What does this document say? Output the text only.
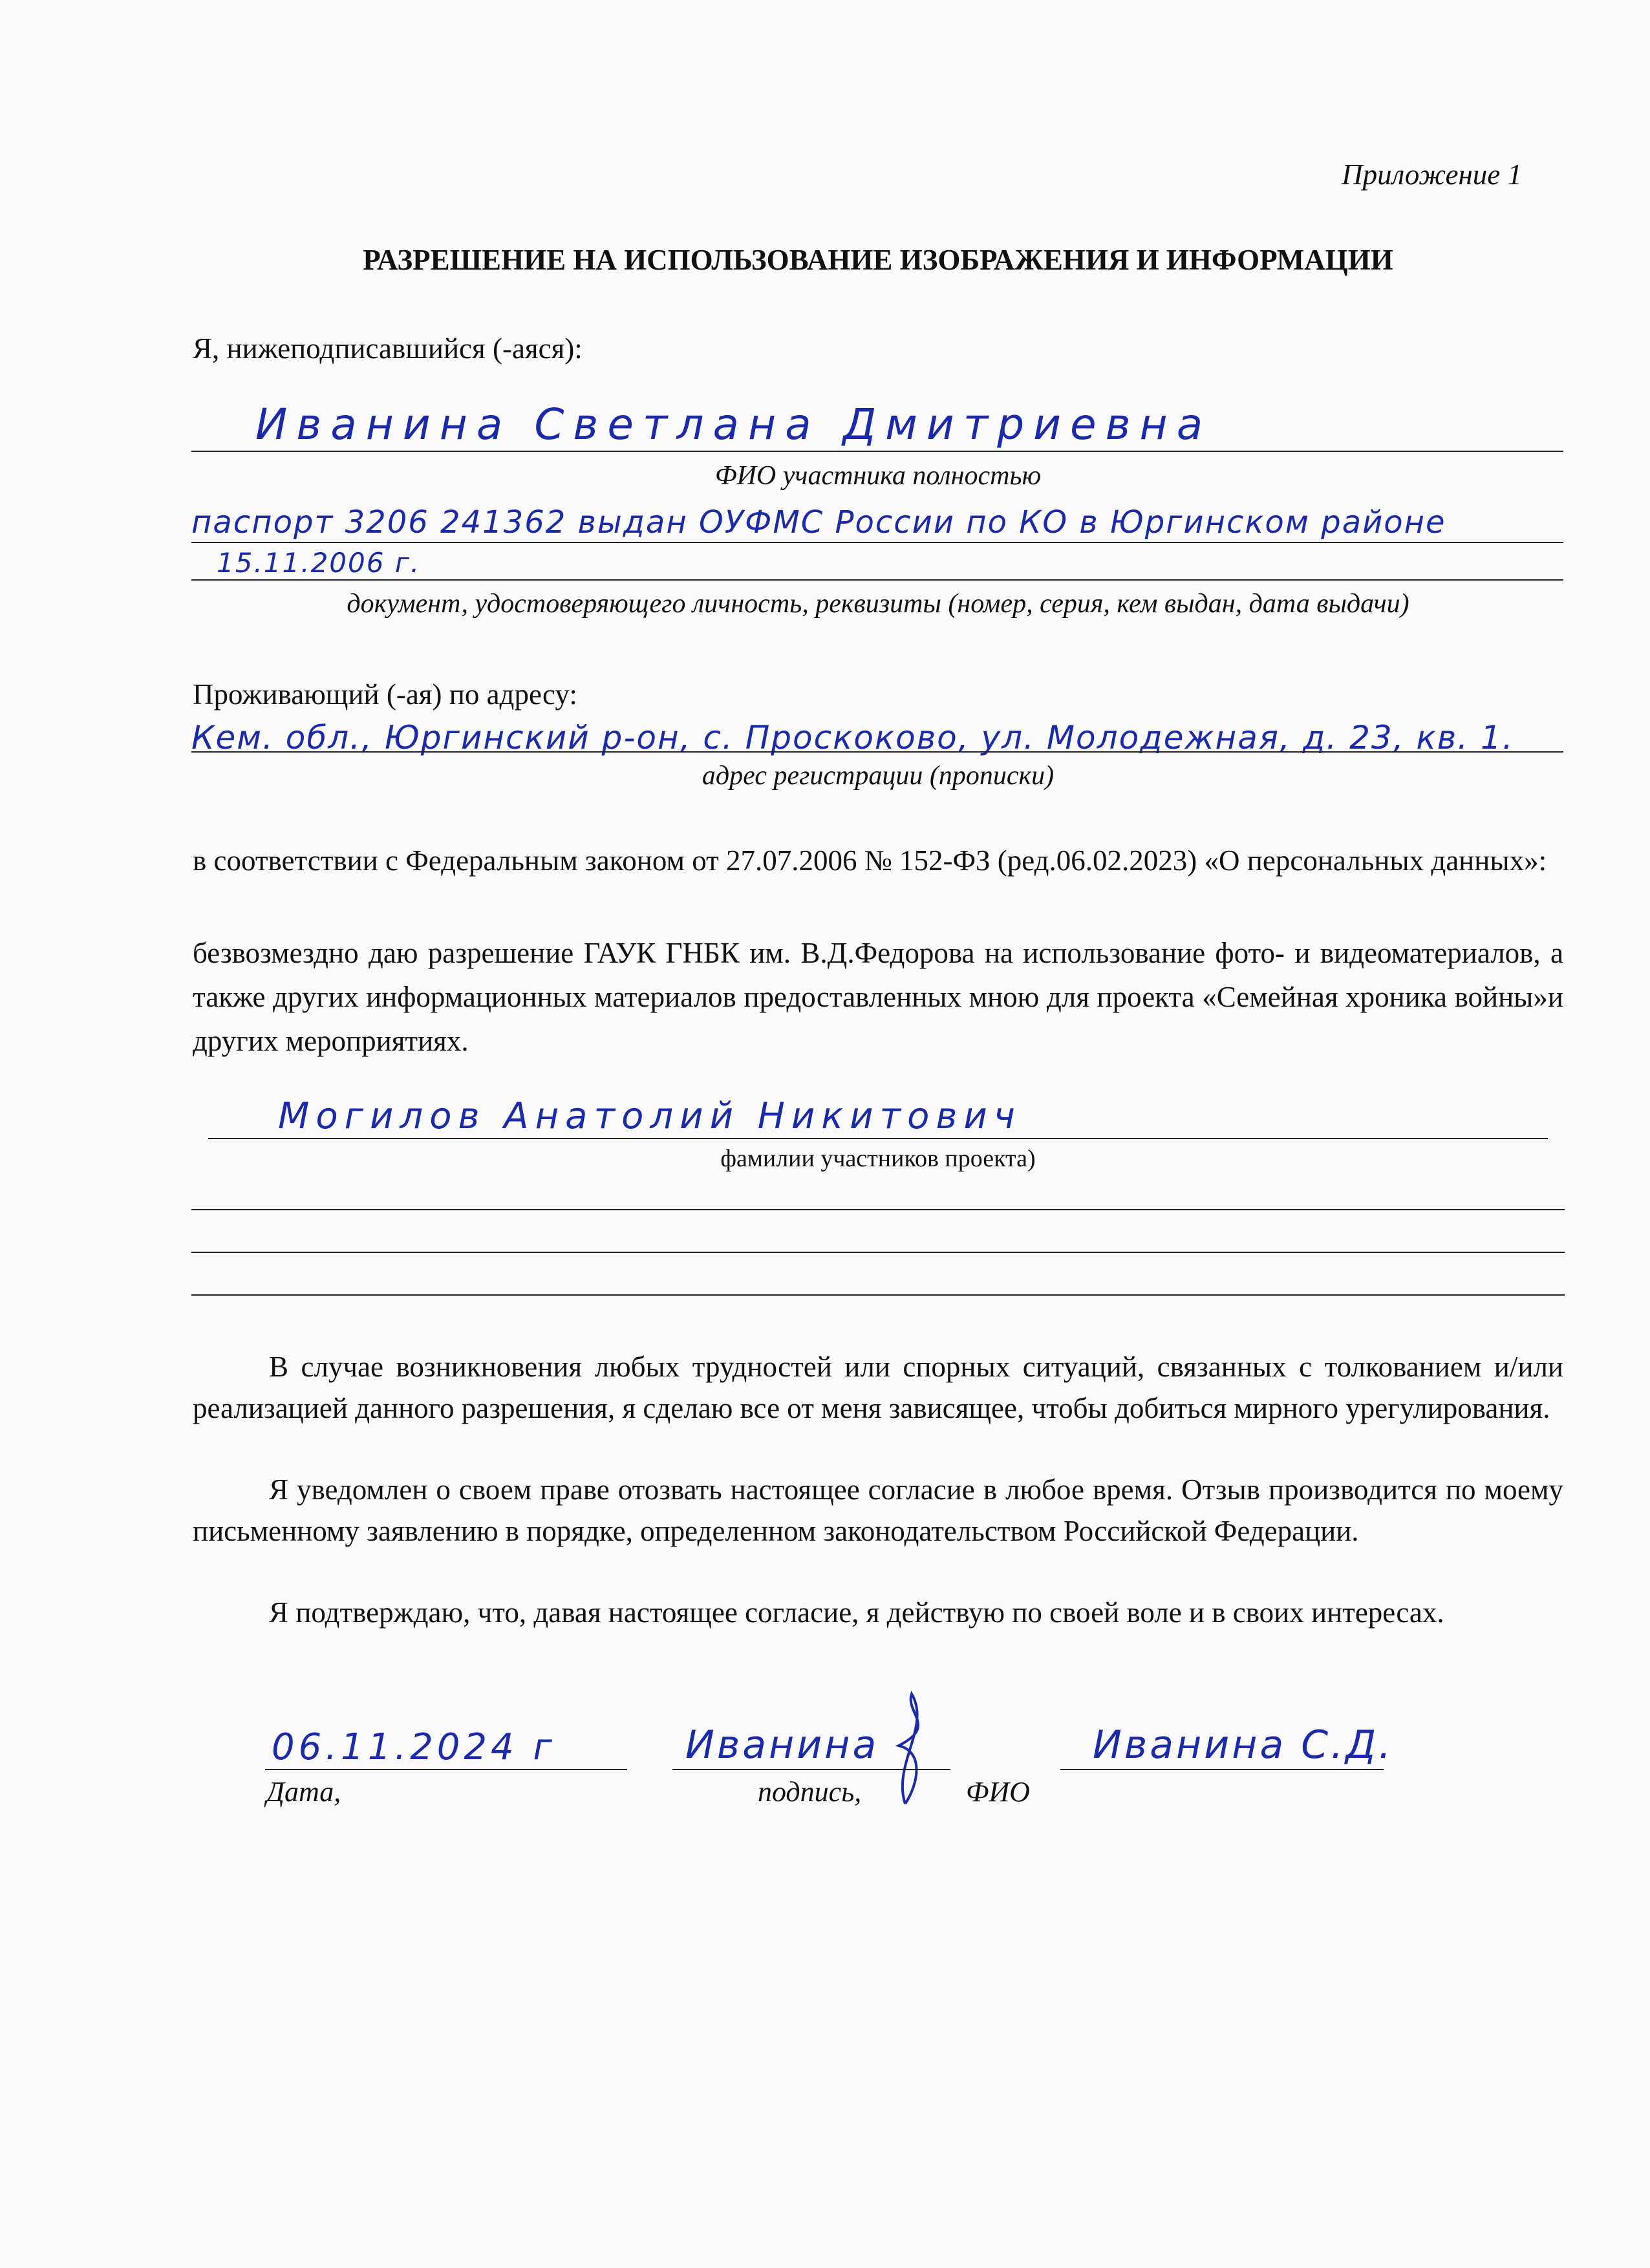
Приложение 1
РАЗРЕШЕНИЕ НА ИСПОЛЬЗОВАНИЕ ИЗОБРАЖЕНИЯ И ИНФОРМАЦИИ
Я, нижеподписавшийся (-аяся):
Иванина Светлана Дмитриевна
ФИО участника полностью
паспорт 3206 241362 выдан ОУФМС России по КО в Юргинском районе
15.11.2006 г.
документ, удостоверяющего личность, реквизиты (номер, серия, кем выдан, дата выдачи)
Проживающий (-ая) по адресу:
Кем. обл., Юргинский р-он, с. Проскоково, ул. Молодежная, д. 23, кв. 1.
адрес регистрации (прописки)
в соответствии с Федеральным законом от 27.07.2006 № 152-ФЗ (ред.06.02.2023) «О персональных данных»:
безвозмездно даю разрешение ГАУК ГНБК им. В.Д.Федорова на использование фото- и видеоматериалов, а также других информационных материалов предоставленных мною для проекта «Семейная хроника войны»и других мероприятиях.
Могилов Анатолий Никитович
фамилии участников проекта)
В случае возникновения любых трудностей или спорных ситуаций, связанных с толкованием и/или реализацией данного разрешения, я сделаю все от меня зависящее, чтобы добиться мирного урегулирования.
Я уведомлен о своем праве отозвать настоящее согласие в любое время. Отзыв производится по моему письменному заявлению в порядке, определенном законодательством Российской Федерации.
Я подтверждаю, что, давая настоящее согласие, я действую по своей воле и в своих интересах.
06.11.2024 г
Дата,
Иванина
подпись,
Иванина С.Д.
ФИО
